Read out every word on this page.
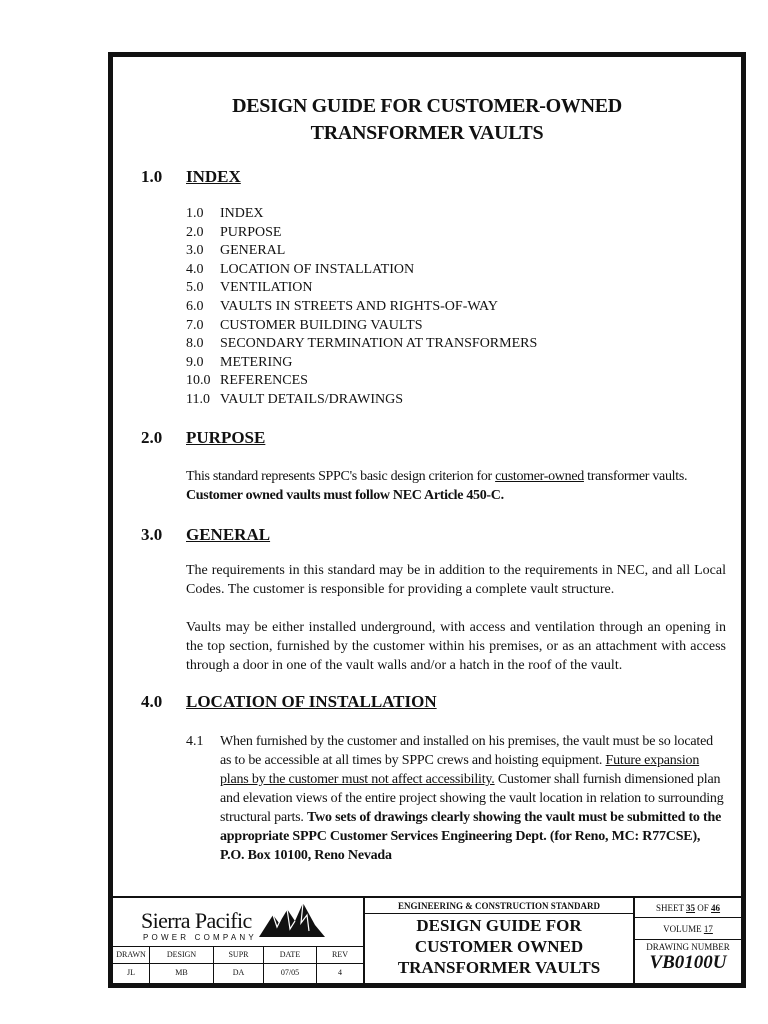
DESIGN GUIDE FOR CUSTOMER-OWNED
TRANSFORMER VAULTS
1.0 INDEX
1.0 INDEX
2.0 PURPOSE
3.0 GENERAL
4.0 LOCATION OF INSTALLATION
5.0 VENTILATION
6.0 VAULTS IN STREETS AND RIGHTS-OF-WAY
7.0 CUSTOMER BUILDING VAULTS
8.0 SECONDARY TERMINATION AT TRANSFORMERS
9.0 METERING
10.0 REFERENCES
11.0 VAULT DETAILS/DRAWINGS
2.0 PURPOSE
This standard represents SPPC's basic design criterion for customer-owned transformer vaults.
Customer owned vaults must follow NEC Article 450-C.
3.0 GENERAL
The requirements in this standard may be in addition to the requirements in NEC, and all Local Codes. The customer is responsible for providing a complete vault structure.
Vaults may be either installed underground, with access and ventilation through an opening in the top section, furnished by the customer within his premises, or as an attachment with access through a door in one of the vault walls and/or a hatch in the roof of the vault.
4.0 LOCATION OF INSTALLATION
4.1 When furnished by the customer and installed on his premises, the vault must be so located as to be accessible at all times by SPPC crews and hoisting equipment. Future expansion plans by the customer must not affect accessibility. Customer shall furnish dimensioned plan and elevation views of the entire project showing the vault location in relation to surrounding structural parts. Two sets of drawings clearly showing the vault must be submitted to the appropriate SPPC Customer Services Engineering Dept. (for Reno, MC: R77CSE), P.O. Box 10100, Reno Nevada
Sierra Pacific
POWER COMPANY
DRAWN	DESIGN	SUPR	DATE	REV
JL	MB	DA	07/05	4
ENGINEERING & CONSTRUCTION STANDARD
DESIGN GUIDE FOR
CUSTOMER OWNED
TRANSFORMER VAULTS
SHEET 35 OF 46
VOLUME 17
DRAWING NUMBER
VB0100U
